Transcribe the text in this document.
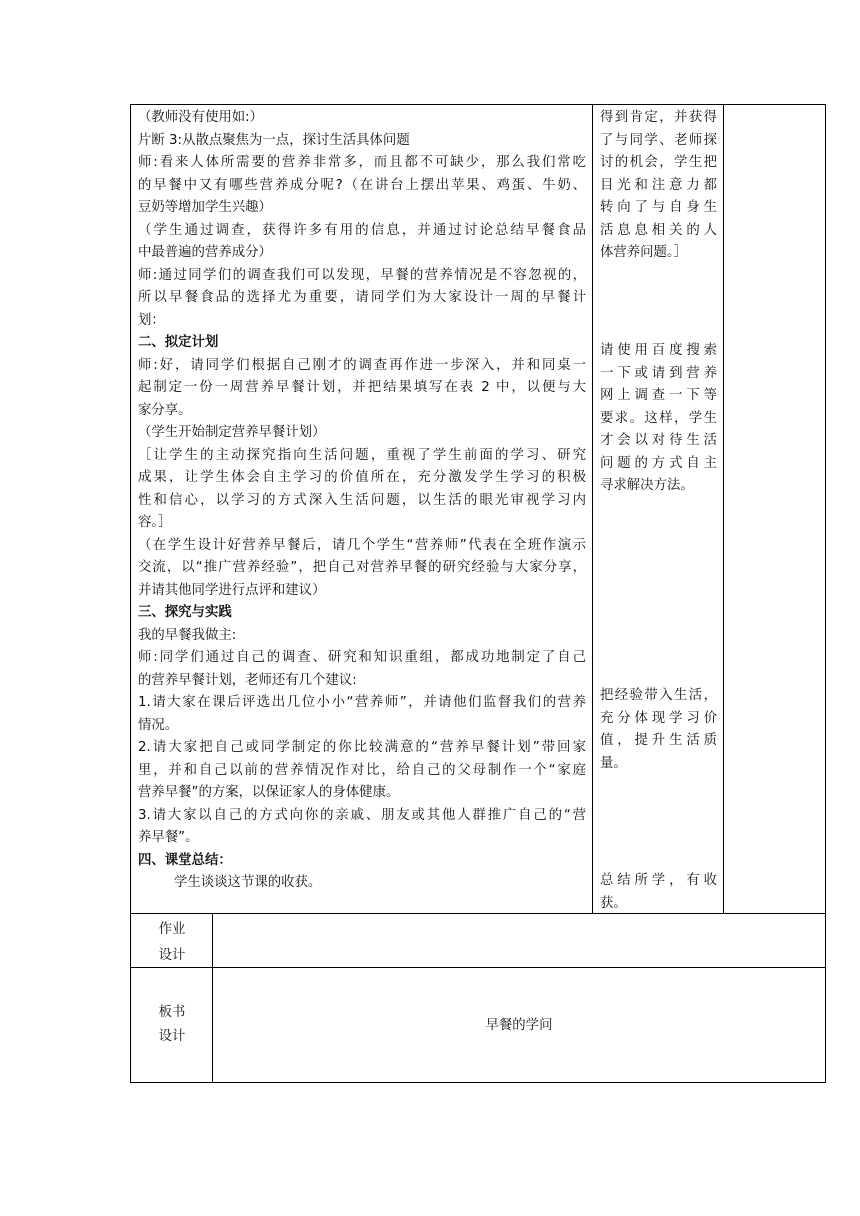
（教师没有使用如:）
片断 3:从散点聚焦为一点，探讨生活具体问题
师:看来人体所需要的营养非常多，而且都不可缺少，那么我们常吃
的早餐中又有哪些营养成分呢?（在讲台上摆出苹果、鸡蛋、牛奶、
豆奶等增加学生兴趣）
（学生通过调查，获得许多有用的信息，并通过讨论总结早餐食品
中最普遍的营养成分）
师:通过同学们的调查我们可以发现，早餐的营养情况是不容忽视的，
所以早餐食品的选择尤为重要，请同学们为大家设计一周的早餐计
划：
二、拟定计划
师:好，请同学们根据自己刚才的调查再作进一步深入，并和同桌一
起制定一份一周营养早餐计划，并把结果填写在表 2 中，以便与大
家分享。
（学生开始制定营养早餐计划）
［让学生的主动探究指向生活问题，重视了学生前面的学习、研究
成果，让学生体会自主学习的价值所在，充分激发学生学习的积极
性和信心，以学习的方式深入生活问题，以生活的眼光审视学习内
容。］
（在学生设计好营养早餐后，请几个学生“营养师”代表在全班作演示
交流，以“推广营养经验”，把自己对营养早餐的研究经验与大家分享，
并请其他同学进行点评和建议）
三、探究与实践
我的早餐我做主:
师:同学们通过自己的调查、研究和知识重组，都成功地制定了自己
的营养早餐计划，老师还有几个建议:
1.请大家在课后评选出几位小小“营养师”，并请他们监督我们的营养
情况。
2.请大家把自己或同学制定的你比较满意的“营养早餐计划”带回家
里，并和自己以前的营养情况作对比，给自己的父母制作一个“家庭
营养早餐”的方案，以保证家人的身体健康。
3.请大家以自己的方式向你的亲戚、朋友或其他人群推广自己的“营
养早餐”。
四、课堂总结：
学生谈谈这节课的收获。
得到肯定，并获得
了与同学、老师探
讨的机会，学生把
目光和注意力都
转向了与自身生
活息息相关的人
体营养问题。］
请使用百度搜索
一下或请到营养
网上调查一下等
要求。这样，学生
才会以对待生活
问题的方式自主
寻求解决方法。
把经验带入生活，
充分体现学习价
值，提升生活质
量。
总结所学，有收
获。
作业
设计
板书
设计
早餐的学问
